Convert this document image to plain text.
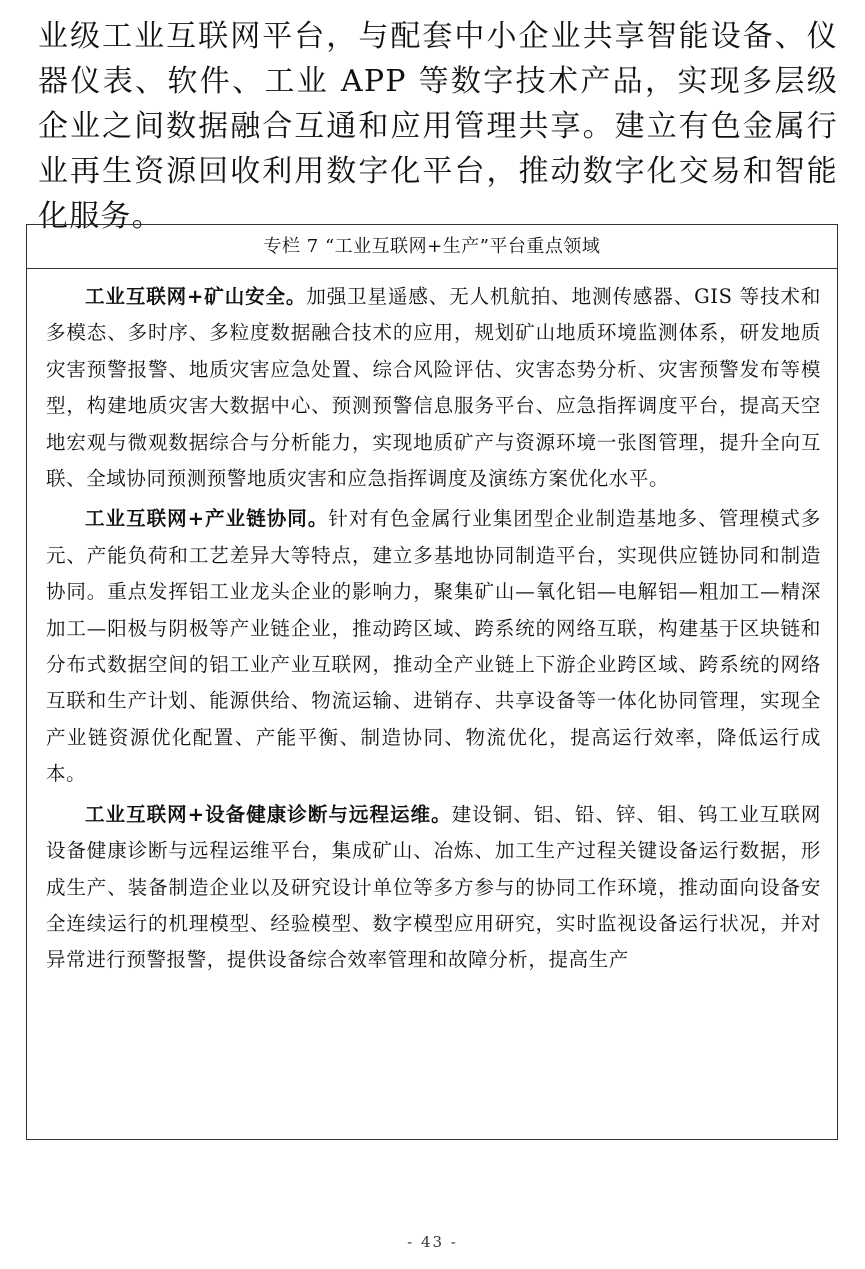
业级工业互联网平台，与配套中小企业共享智能设备、仪器仪表、软件、工业 APP 等数字技术产品，实现多层级企业之间数据融合互通和应用管理共享。建立有色金属行业再生资源回收利用数字化平台，推动数字化交易和智能化服务。

专栏 7 “工业互联网+生产”平台重点领域

工业互联网+矿山安全。加强卫星遥感、无人机航拍、地测传感器、GIS 等技术和多模态、多时序、多粒度数据融合技术的应用，规划矿山地质环境监测体系，研发地质灾害预警报警、地质灾害应急处置、综合风险评估、灾害态势分析、灾害预警发布等模型，构建地质灾害大数据中心、预测预警信息服务平台、应急指挥调度平台，提高天空地宏观与微观数据综合与分析能力，实现地质矿产与资源环境一张图管理，提升全向互联、全域协同预测预警地质灾害和应急指挥调度及演练方案优化水平。

工业互联网+产业链协同。针对有色金属行业集团型企业制造基地多、管理模式多元、产能负荷和工艺差异大等特点，建立多基地协同制造平台，实现供应链协同和制造协同。重点发挥铝工业龙头企业的影响力，聚集矿山—氧化铝—电解铝—粗加工—精深加工—阳极与阴极等产业链企业，推动跨区域、跨系统的网络互联，构建基于区块链和分布式数据空间的铝工业产业互联网，推动全产业链上下游企业跨区域、跨系统的网络互联和生产计划、能源供给、物流运输、进销存、共享设备等一体化协同管理，实现全产业链资源优化配置、产能平衡、制造协同、物流优化，提高运行效率，降低运行成本。

工业互联网+设备健康诊断与远程运维。建设铜、铝、铅、锌、钼、钨工业互联网设备健康诊断与远程运维平台，集成矿山、冶炼、加工生产过程关键设备运行数据，形成生产、装备制造企业以及研究设计单位等多方参与的协同工作环境，推动面向设备安全连续运行的机理模型、经验模型、数字模型应用研究，实时监视设备运行状况，并对异常进行预警报警，提供设备综合效率管理和故障分析，提高生产

- 43 -
